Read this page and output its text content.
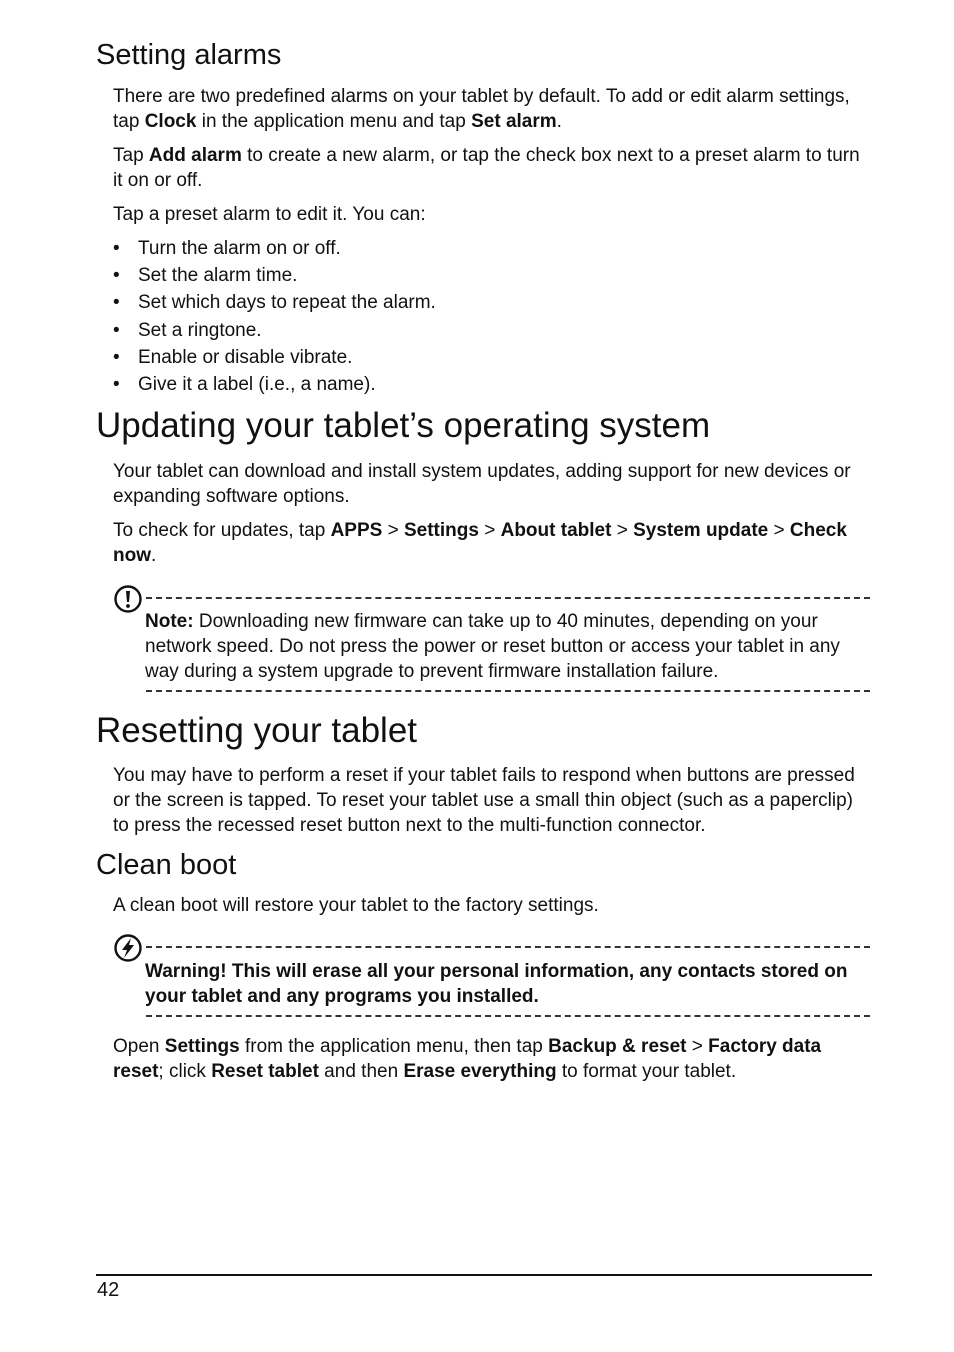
Setting alarms

There are two predefined alarms on your tablet by default. To add or edit alarm settings, tap Clock in the application menu and tap Set alarm.

Tap Add alarm to create a new alarm, or tap the check box next to a preset alarm to turn it on or off.

Tap a preset alarm to edit it. You can:

• Turn the alarm on or off.
• Set the alarm time.
• Set which days to repeat the alarm.
• Set a ringtone.
• Enable or disable vibrate.
• Give it a label (i.e., a name).
Updating your tablet’s operating system

Your tablet can download and install system updates, adding support for new devices or expanding software options.

To check for updates, tap APPS > Settings > About tablet > System update > Check now.

Note: Downloading new firmware can take up to 40 minutes, depending on your network speed. Do not press the power or reset button or access your tablet in any way during a system upgrade to prevent firmware installation failure.

Resetting your tablet

You may have to perform a reset if your tablet fails to respond when buttons are pressed or the screen is tapped. To reset your tablet use a small thin object (such as a paperclip) to press the recessed reset button next to the multi-function connector.

Clean boot

A clean boot will restore your tablet to the factory settings.

Warning! This will erase all your personal information, any contacts stored on your tablet and any programs you installed.

Open Settings from the application menu, then tap Backup & reset > Factory data reset; click Reset tablet and then Erase everything to format your tablet.

42
